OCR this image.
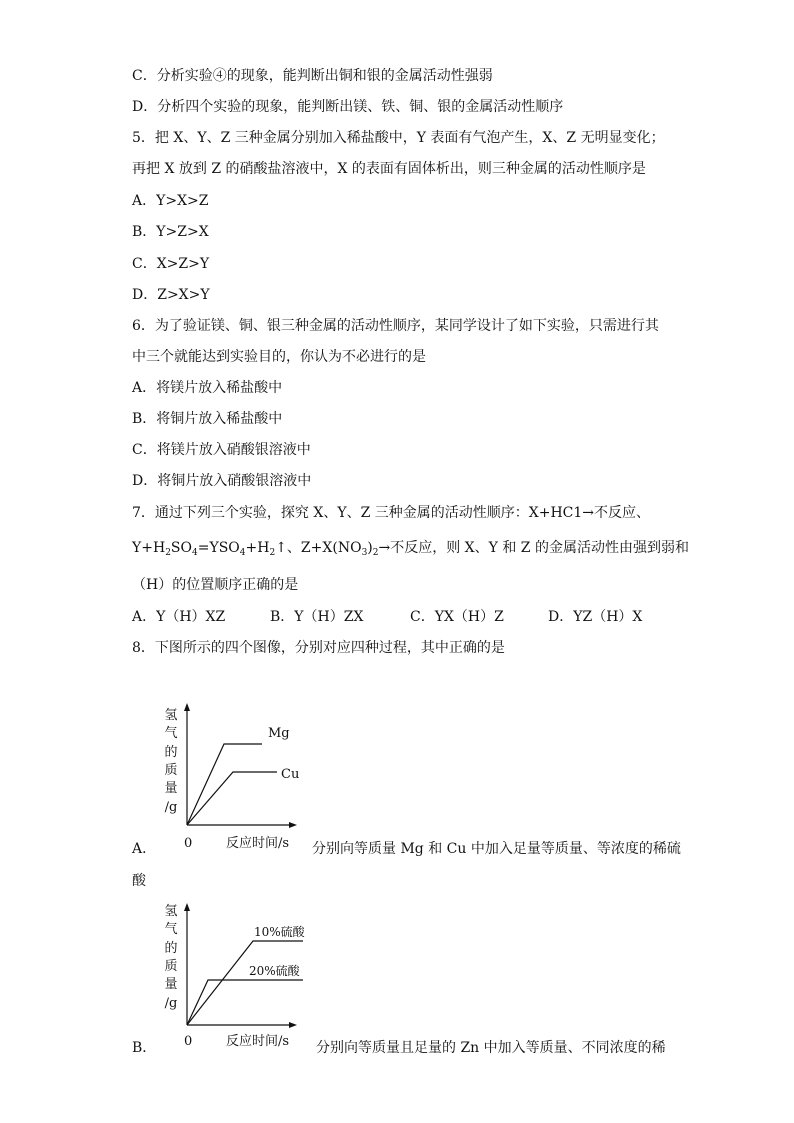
C．分析实验④的现象，能判断出铜和银的金属活动性强弱
D．分析四个实验的现象，能判断出镁、铁、铜、银的金属活动性顺序
5．把 X、Y、Z 三种金属分别加入稀盐酸中，Y 表面有气泡产生，X、Z 无明显变化；
再把 X 放到 Z 的硝酸盐溶液中，X 的表面有固体析出，则三种金属的活动性顺序是
A．Y>X>Z
B．Y>Z>X
C．X>Z>Y
D．Z>X>Y
6．为了验证镁、铜、银三种金属的活动性顺序，某同学设计了如下实验，只需进行其
中三个就能达到实验目的，你认为不必进行的是
A．将镁片放入稀盐酸中
B．将铜片放入稀盐酸中
C．将镁片放入硝酸银溶液中
D．将铜片放入硝酸银溶液中
7．通过下列三个实验，探究 X、Y、Z 三种金属的活动性顺序：X+HC1→不反应、
$Y+H_2SO_4=YSO_4+H_2↑$、$Z+X(NO_3)_2\to$不反应，则 X、Y 和 Z 的金属活动性由强到弱和
（H）的位置顺序正确的是
A．Y（H）XZ	B．Y（H）ZX	C．YX（H）Z	D．YZ（H）X
8．下图所示的四个图像，分别对应四种过程，其中正确的是
氢
气
的
质
量
/g
Mg
Cu
0	反应时间/s
A．	分别向等质量 Mg 和 Cu 中加入足量等质量、等浓度的稀硫
酸
氢
气
的
质
量
/g
10%硫酸
20%硫酸
0	反应时间/s
B．	分别向等质量且足量的 Zn 中加入等质量、不同浓度的稀
